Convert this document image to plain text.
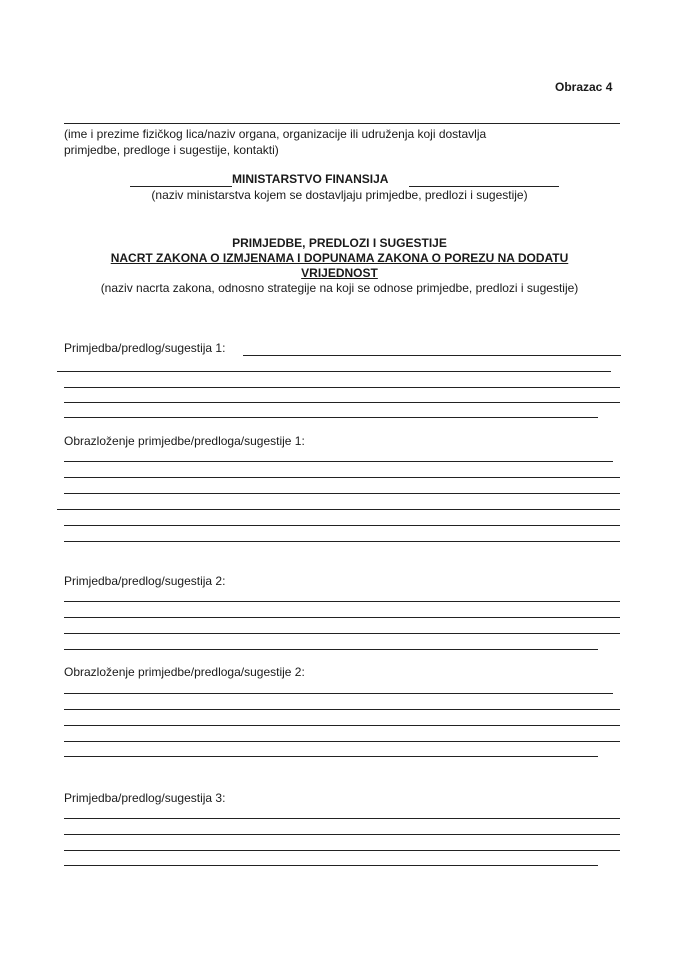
Obrazac 4
(ime i prezime fizičkog lica/naziv organa, organizacije ili udruženja koji dostavlja
primjedbe, predloge i sugestije, kontakti)
MINISTARSTVO FINANSIJA
(naziv ministarstva kojem se dostavljaju primjedbe, predlozi i sugestije)
PRIMJEDBE, PREDLOZI I SUGESTIJE
NACRT ZAKONA O IZMJENAMA I DOPUNAMA ZAKONA O POREZU NA DODATU
VRIJEDNOST
(naziv nacrta zakona, odnosno strategije na koji se odnose primjedbe, predlozi i sugestije)
Primjedba/predlog/sugestija 1:
Obrazloženje primjedbe/predloga/sugestije 1:
Primjedba/predlog/sugestija 2:
Obrazloženje primjedbe/predloga/sugestije 2:
Primjedba/predlog/sugestija 3:
